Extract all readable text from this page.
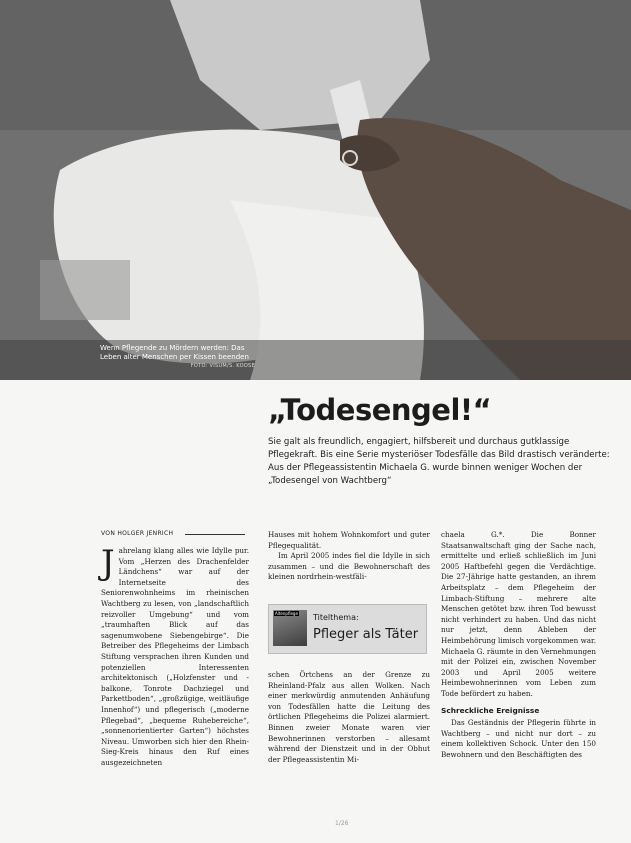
Wenn Pflegende zu Mördern werden: Das Leben alter Menschen per Kissen beenden
FOTO: VISUM/S. KOOSE
„Todesengel!“

Sie galt als freundlich, engagiert, hilfsbereit und durchaus gutklassige Pflegekraft. Bis eine Serie mysteriöser Todesfälle das Bild drastisch veränderte: Aus der Pflegeassistentin Michaela G. wurde binnen weniger Wochen der „Todesengel von Wachtberg“

VON HOLGER JENRICH

J ahrelang klang alles wie Idylle pur. Vom „Herzen des Drachenfelder Ländchens“ war auf der Internetseite des Seniorenwohnheims im rheinischen Wachtberg zu lesen, von „landschaftlich reizvoller Umgebung“ und vom „traumhaften Blick auf das sagenumwobene Siebengebirge“. Die Betreiber des Pflegeheims der Limbach Stiftung versprachen ihren Kunden und potenziellen Interessenten architektonisch („Holzfenster und -balkone, Tonrote Dachziegel und Parkettboden“, „großzügige, weitläufige Innenhof“) und pflegerisch („moderne Pflegebad“, „bequeme Ruhebereiche“, „sonnenorientierter Garten“) höchstes Niveau. Umworben sich hier den Rhein-Sieg-Kreis hinaus den Ruf eines ausgezeichneten

Hauses mit hohem Wohnkomfort und guter Pflegequalität.

Im April 2005 indes fiel die Idylle in sich zusammen – und die Bewohnerschaft des kleinen nordrhein-westfäli-

Altenpflege Titelthema:
Pfleger als Täter

schen Örtchens an der Grenze zu Rheinland-Pfalz aus allen Wolken. Nach einer merkwürdig anmutenden Anhäufung von Todesfällen hatte die Leitung des örtlichen Pflegeheims die Polizei alarmiert. Binnen zweier Monate waren vier Bewohnerinnen verstorben – allesamt während der Dienstzeit und in der Obhut der Pflegeassistentin Mi-

chaela G.*. Die Bonner Staatsanwaltschaft ging der Sache nach, ermittelte und erließ schließlich im Juni 2005 Haftbefehl gegen die Verdächtige. Die 27-Jährige hatte gestanden, an ihrem Arbeitsplatz – dem Pflegeheim der Limbach-Stiftung – mehrere alte Menschen getötet bzw. ihren Tod bewusst nicht verhindert zu haben. Und das nicht nur jetzt, denn Ableben der Heimbehörung limisch vorgekommen war. Michaela G. räumte in den Vernehmungen mit der Polizei ein, zwischen November 2003 und April 2005 weitere Heimbewohnerinnen vom Leben zum Tode befördert zu haben.

Schreckliche Ereignisse

Das Geständnis der Pflegerin führte in Wachtberg – und nicht nur dort – zu einem kollektiven Schock. Unter den 150 Bewohnern und den Beschäftigten des

1/26
